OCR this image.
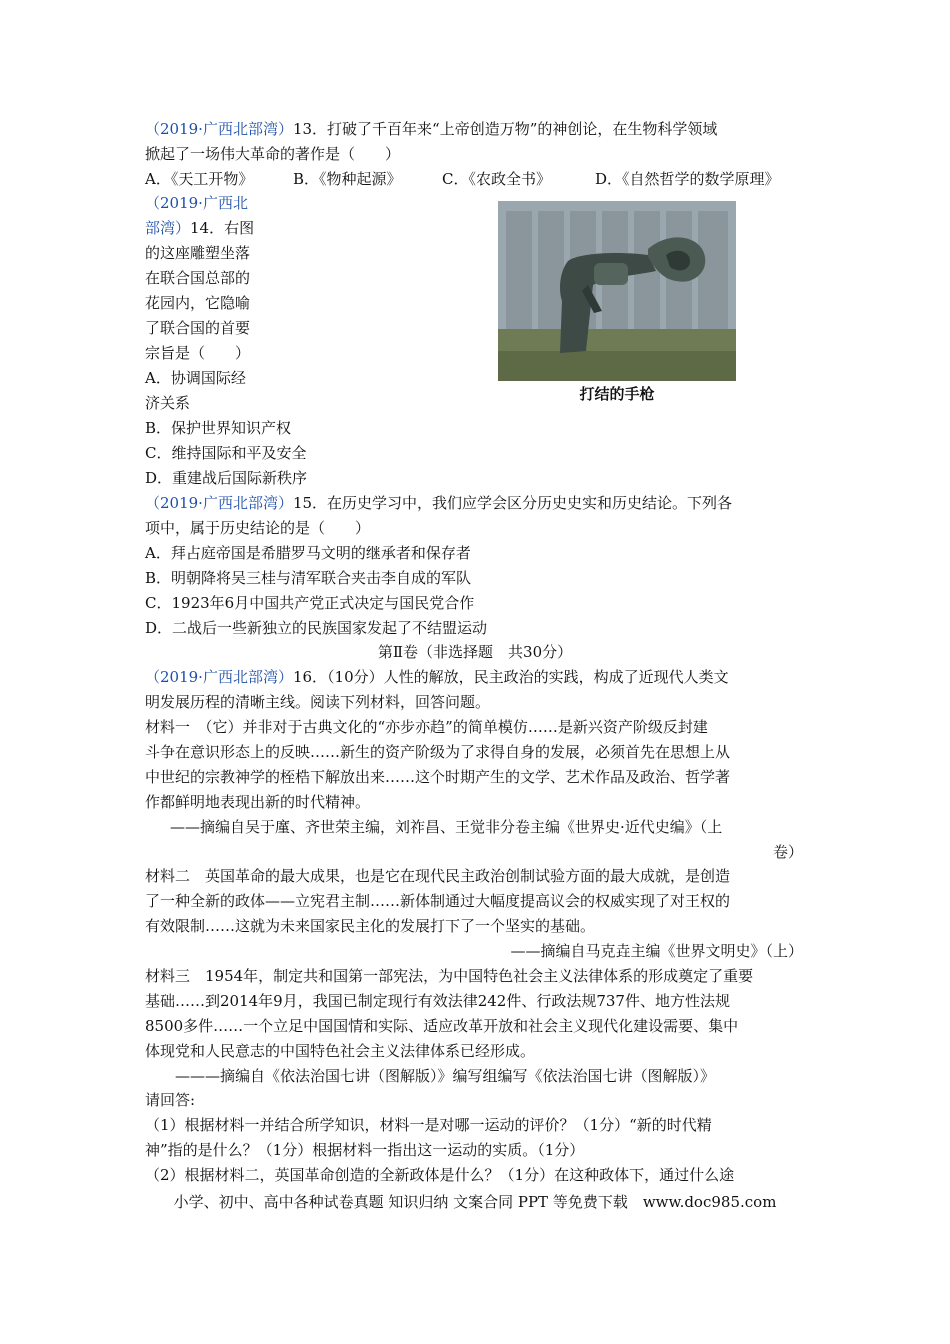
（2019·广西北部湾）13．打破了千百年来“上帝创造万物”的神创论，在生物科学领域
掀起了一场伟大革命的著作是（　　）
A．《天工开物》	B．《物种起源》	C．《农政全书》	D．《自然哲学的数学原理》
（2019·广西北
部湾）14．右图
的这座雕塑坐落
在联合国总部的
花园内，它隐喻
了联合国的首要
宗旨是（　　）
A．协调国际经
济关系
B．保护世界知识产权
C．维持国际和平及安全
D．重建战后国际新秩序
打结的手枪
（2019·广西北部湾）15．在历史学习中，我们应学会区分历史史实和历史结论。下列各
项中，属于历史结论的是（　　）
A．拜占庭帝国是希腊罗马文明的继承者和保存者
B．明朝降将吴三桂与清军联合夹击李自成的军队
C．1923年6月中国共产党正式决定与国民党合作
D．二战后一些新独立的民族国家发起了不结盟运动
第Ⅱ卷（非选择题　共30分）
（2019·广西北部湾）16．（10分）人性的解放，民主政治的实践，构成了近现代人类文
明发展历程的清晰主线。阅读下列材料，回答问题。
材料一　（它）并非对于古典文化的“亦步亦趋”的简单模仿……是新兴资产阶级反封建
斗争在意识形态上的反映……新生的资产阶级为了求得自身的发展，必须首先在思想上从
中世纪的宗教神学的桎梏下解放出来……这个时期产生的文学、艺术作品及政治、哲学著
作都鲜明地表现出新的时代精神。
——摘编自吴于廑、齐世荣主编，刘祚昌、王觉非分卷主编《世界史·近代史编》（上
卷）
材料二　英国革命的最大成果，也是它在现代民主政治创制试验方面的最大成就，是创造
了一种全新的政体——立宪君主制……新体制通过大幅度提高议会的权威实现了对王权的
有效限制……这就为未来国家民主化的发展打下了一个坚实的基础。
——摘编自马克垚主编《世界文明史》（上）
材料三　1954年，制定共和国第一部宪法，为中国特色社会主义法律体系的形成奠定了重要
基础……到2014年9月，我国已制定现行有效法律242件、行政法规737件、地方性法规
8500多件……一个立足中国国情和实际、适应改革开放和社会主义现代化建设需要、集中
体现党和人民意志的中国特色社会主义法律体系已经形成。
———摘编自《依法治国七讲（图解版）》编写组编写《依法治国七讲（图解版）》
请回答:
（1）根据材料一并结合所学知识，材料一是对哪一运动的评价？（1分）“新的时代精
神”指的是什么？（1分）根据材料一指出这一运动的实质。（1分）
（2）根据材料二，英国革命创造的全新政体是什么？（1分）在这种政体下，通过什么途
小学、初中、高中各种试卷真题 知识归纳 文案合同 PPT 等免费下载　www.doc985.com
